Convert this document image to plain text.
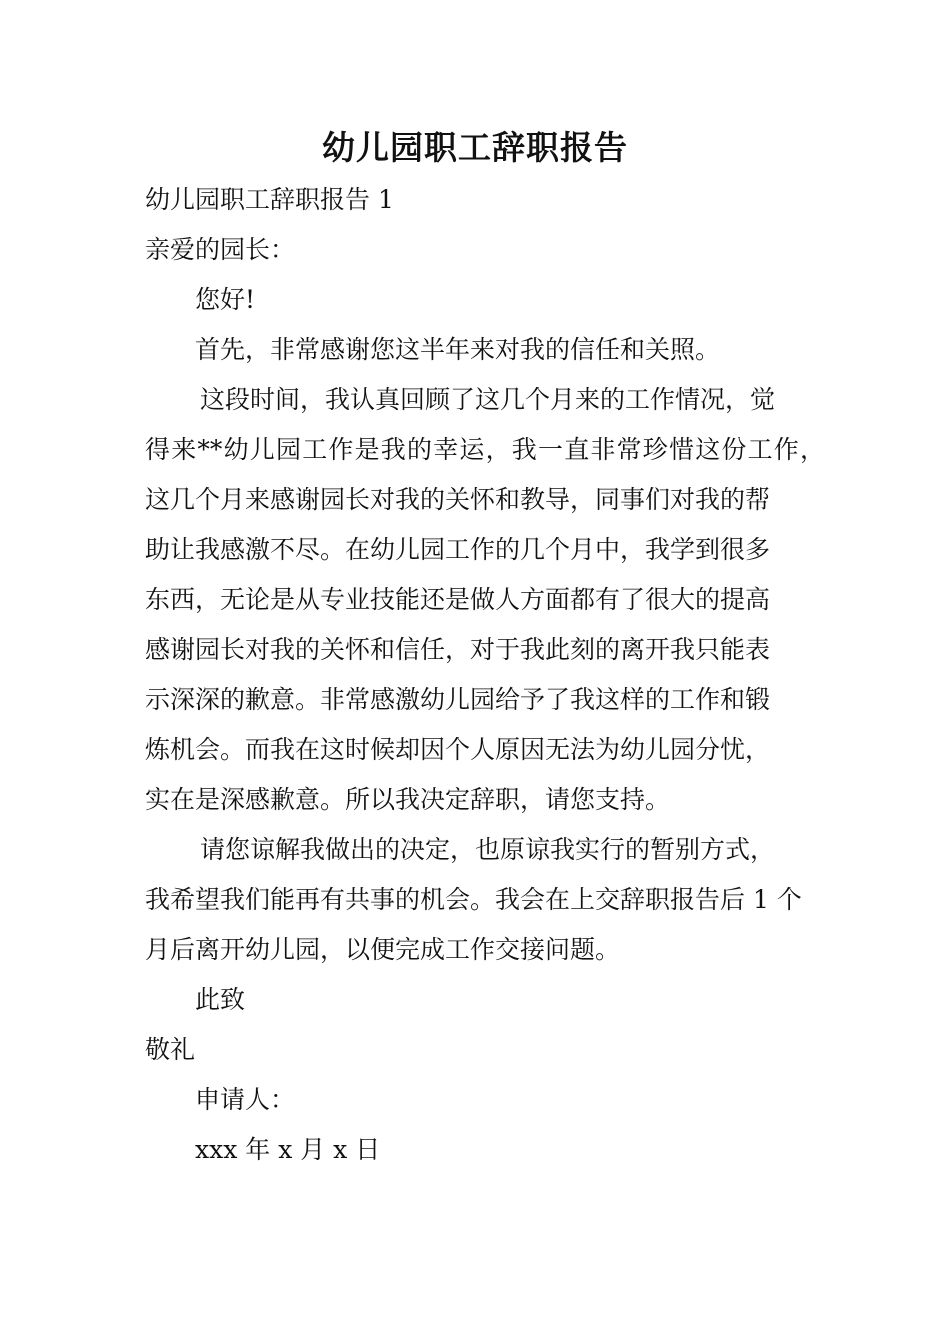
幼儿园职工辞职报告
幼儿园职工辞职报告 1
亲爱的园长：
您好!
首先，非常感谢您这半年来对我的信任和关照。
这段时间，我认真回顾了这几个月来的工作情况，觉
得来**幼儿园工作是我的幸运，我一直非常珍惜这份工作，
这几个月来感谢园长对我的关怀和教导，同事们对我的帮
助让我感激不尽。在幼儿园工作的几个月中，我学到很多
东西，无论是从专业技能还是做人方面都有了很大的提高
感谢园长对我的关怀和信任，对于我此刻的离开我只能表
示深深的歉意。非常感激幼儿园给予了我这样的工作和锻
炼机会。而我在这时候却因个人原因无法为幼儿园分忧，
实在是深感歉意。所以我决定辞职，请您支持。
请您谅解我做出的决定，也原谅我实行的暂别方式，
我希望我们能再有共事的机会。我会在上交辞职报告后 1 个
月后离开幼儿园，以便完成工作交接问题。
此致
敬礼
申请人：
xxx 年 x 月 x 日
